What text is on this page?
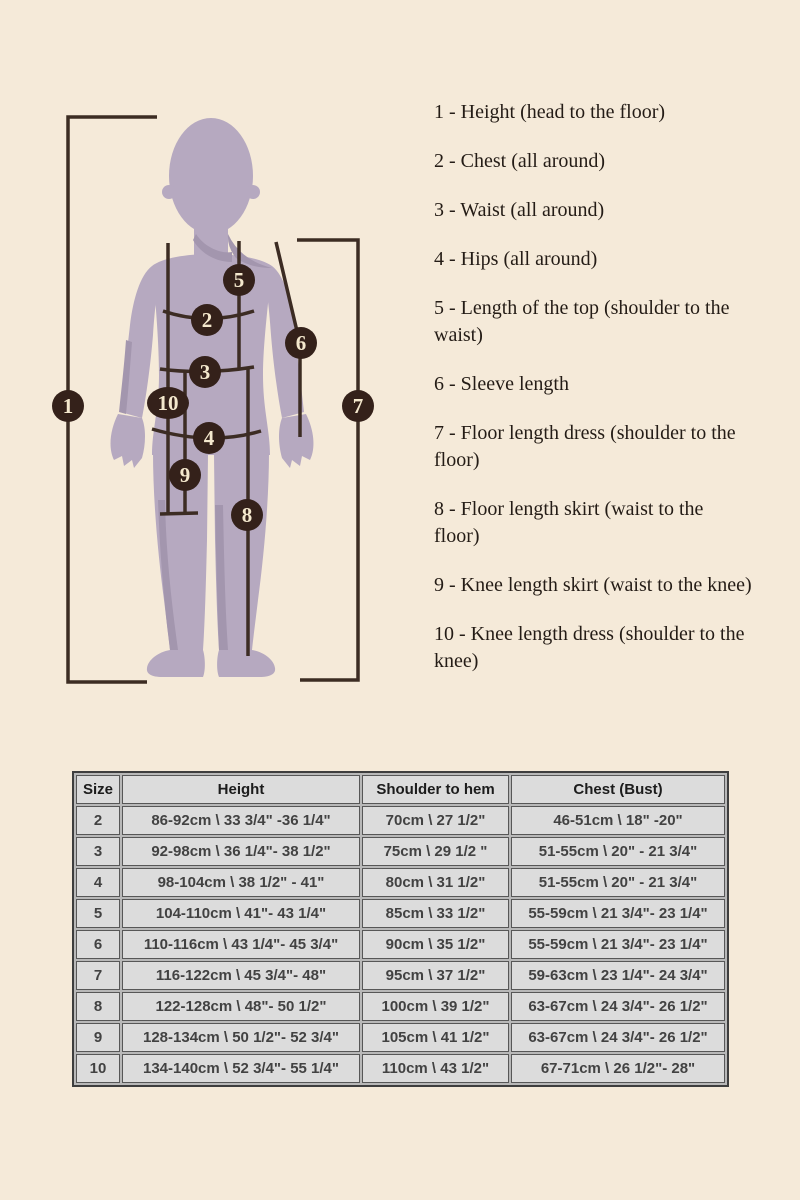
1
2
3
4
5
6
7
8
9
10
1 - Height (head to the floor)
2 - Chest (all around)
3 - Waist (all around)
4 - Hips (all around)
5 - Length of the top (shoulder to the waist)
6 - Sleeve length
7 - Floor length dress (shoulder to the floor)
8 - Floor length skirt (waist to the floor)
9 - Knee length skirt (waist to the knee)
10 - Knee length dress (shoulder to the knee)
Size	Height	Shoulder to hem	Chest (Bust)
2	86-92cm \ 33 3/4" -36 1/4"	70cm \ 27 1/2"	46-51cm \ 18" -20"
3	92-98cm \ 36 1/4"- 38 1/2"	75cm \ 29 1/2 "	51-55cm \ 20" - 21 3/4"
4	98-104cm \ 38 1/2" - 41"	80cm \ 31 1/2"	51-55cm \ 20" - 21 3/4"
5	104-110cm \ 41"- 43 1/4"	85cm \ 33 1/2"	55-59cm \ 21 3/4"- 23 1/4"
6	110-116cm \ 43 1/4"- 45 3/4"	90cm \ 35 1/2"	55-59cm \ 21 3/4"- 23 1/4"
7	116-122cm \ 45 3/4"- 48"	95cm \ 37 1/2"	59-63cm \ 23 1/4"- 24 3/4"
8	122-128cm \ 48"- 50 1/2"	100cm \ 39 1/2"	63-67cm \ 24 3/4"- 26 1/2"
9	128-134cm \ 50 1/2"- 52 3/4"	105cm \ 41 1/2"	63-67cm \ 24 3/4"- 26 1/2"
10	134-140cm \ 52 3/4"- 55 1/4"	110cm \ 43 1/2"	67-71cm \ 26 1/2"- 28"
